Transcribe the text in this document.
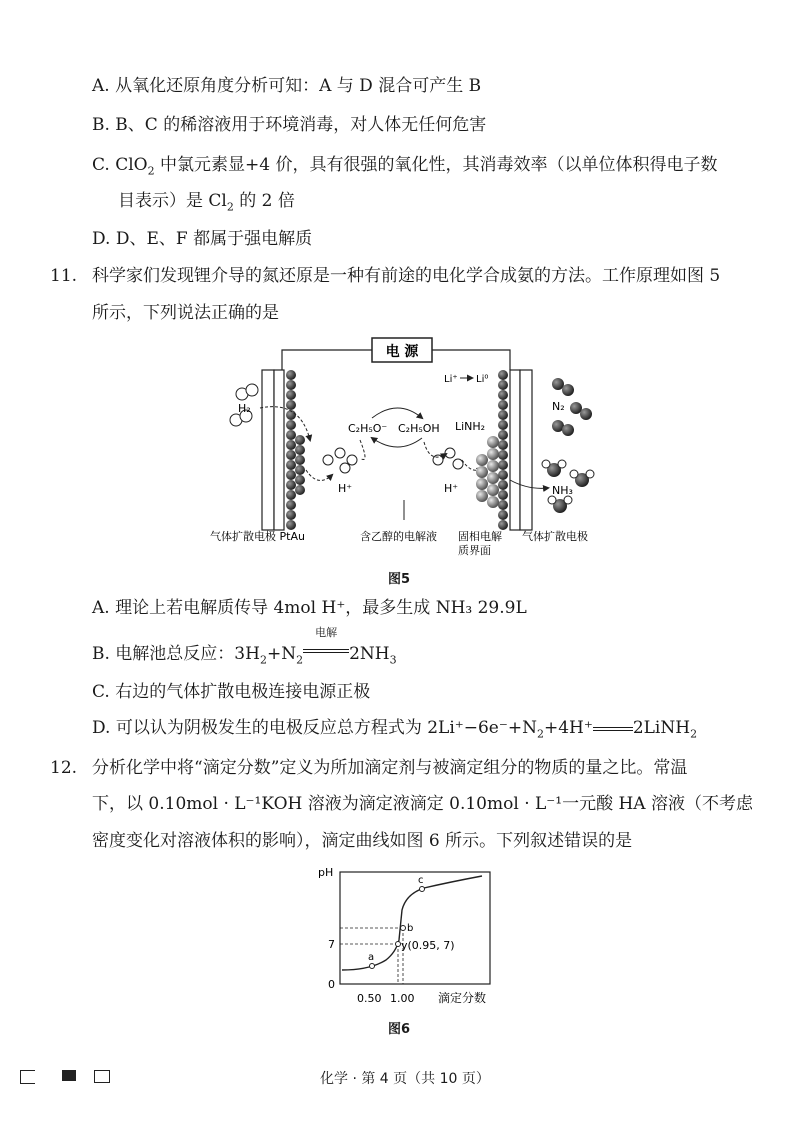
A. 从氧化还原角度分析可知：A 与 D 混合可产生 B
B. B、C 的稀溶液用于环境消毒，对人体无任何危害
C. ClO$_2$ 中氯元素显+4 价，具有很强的氧化性，其消毒效率（以单位体积得电子数
目表示）是 $Cl_2$ 的 2 倍
D. D、E、F 都属于强电解质
11. 科学家们发现锂介导的氮还原是一种有前途的电化学合成氨的方法。工作原理如图 5
所示，下列说法正确的是
电 源
H₂
H⁺
C₂H₅O⁻ C₂H₅OH
H⁺
Li⁺ Li⁰
LiNH₂
N₂
NH₃
气体扩散电极 PtAu	含乙醇的电解液 固相电解
质界面
气体扩散电极
图5
A. 理论上若电解质传导 4mol H⁺，最多生成 NH₃ 29.9L
B. 电解池总反应：$3H_2+N_2$
电解
$2NH_3$
C. 右边的气体扩散电极连接电源正极
D. 可以认为阴极发生的电极反应总方程式为 $2Li^+-6e^-+N_2+4H^+$ 2LiNH$_2$
12. 分析化学中将“滴定分数”定义为所加滴定剂与被滴定组分的物质的量之比。常温
下，以 0.10mol · L⁻¹KOH 溶液为滴定液滴定 0.10mol · L⁻¹一元酸 HA 溶液（不考虑
密度变化对溶液体积的影响），滴定曲线如图 6 所示。下列叙述错误的是
pH
0
7
0.50 1.00 滴定分数
a
b
c
y(0.95, 7)
图6
化学 · 第 4 页（共 10 页）
